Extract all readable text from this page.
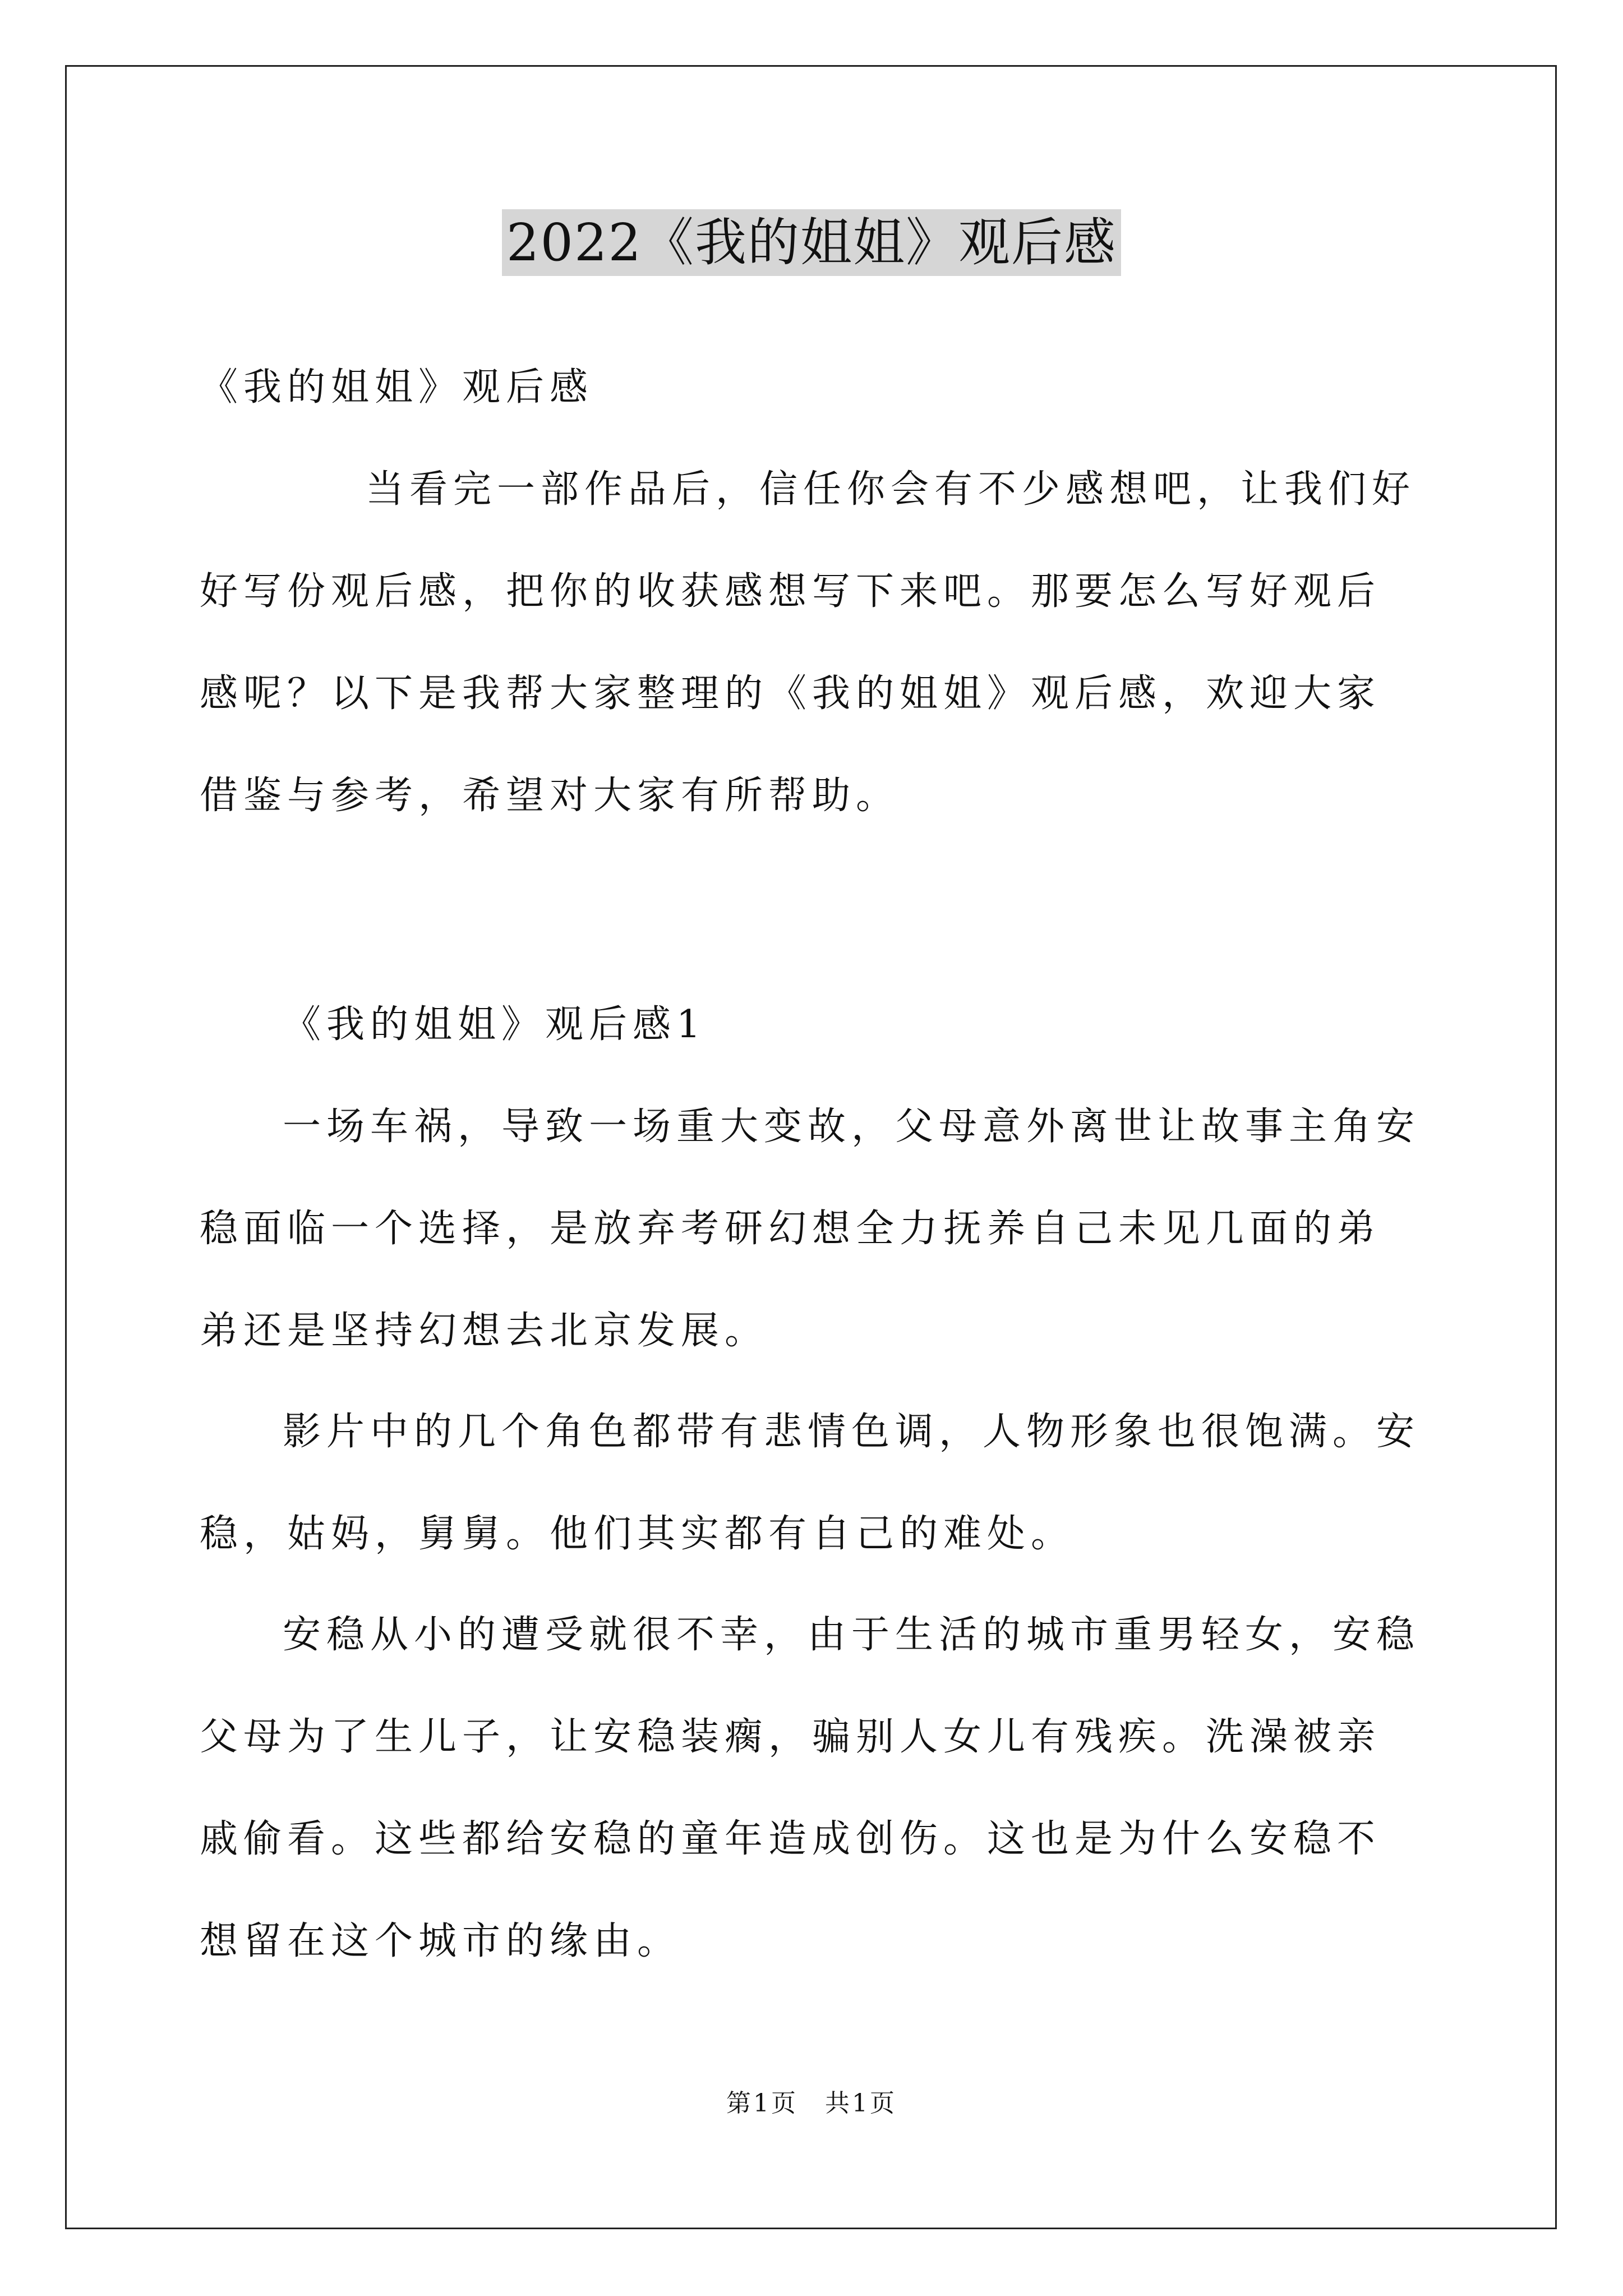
2022《我的姐姐》观后感

《我的姐姐》观后感

当看完一部作品后，信任你会有不少感想吧，让我们好好写份观后感，把你的收获感想写下来吧。那要怎么写好观后感呢？以下是我帮大家整理的《我的姐姐》观后感，欢迎大家借鉴与参考，希望对大家有所帮助。

《我的姐姐》观后感1

一场车祸，导致一场重大变故，父母意外离世让故事主角安稳面临一个选择，是放弃考研幻想全力抚养自己未见几面的弟弟还是坚持幻想去北京发展。

影片中的几个角色都带有悲情色调，人物形象也很饱满。安稳，姑妈，舅舅。他们其实都有自己的难处。

安稳从小的遭受就很不幸，由于生活的城市重男轻女，安稳父母为了生儿子，让安稳装瘸，骗别人女儿有残疾。洗澡被亲戚偷看。这些都给安稳的童年造成创伤。这也是为什么安稳不想留在这个城市的缘由。

第1页　共1页
